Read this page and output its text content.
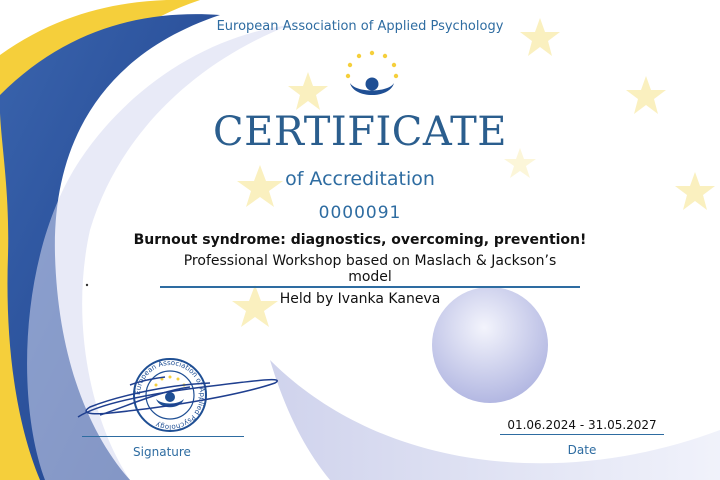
European Association of Applied Psychology
CERTIFICATE
of Accreditation
0000091
Burnout syndrome: diagnostics, overcoming, prevention!
Professional Workshop based on Maslach & Jackson’s model
Held by Ivanka Kaneva
European Association of Applied Psychology
Signature
01.06.2024 - 31.05.2027
Date
